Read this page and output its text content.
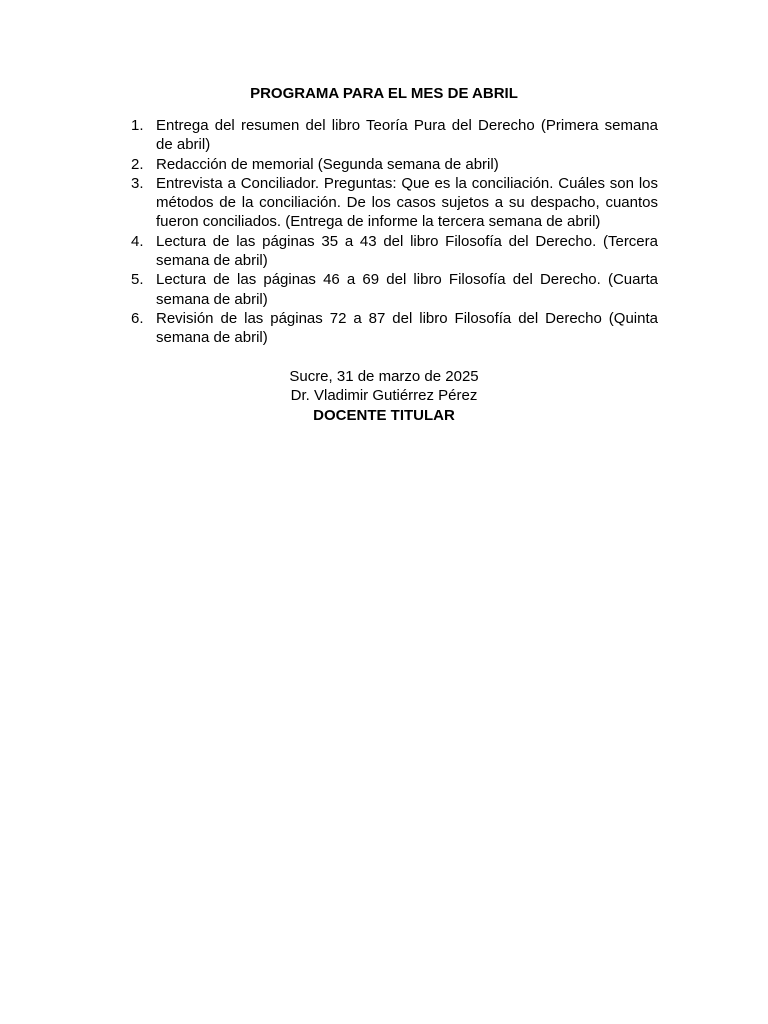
PROGRAMA PARA EL MES DE ABRIL
1. Entrega del resumen del libro Teoría Pura del Derecho (Primera semana de abril)
2. Redacción de memorial (Segunda semana de abril)
3. Entrevista a Conciliador. Preguntas: Que es la conciliación. Cuáles son los métodos de la conciliación. De los casos sujetos a su despacho, cuantos fueron conciliados. (Entrega de informe la tercera semana de abril)
4. Lectura de las páginas 35 a 43 del libro Filosofía del Derecho. (Tercera semana de abril)
5. Lectura de las páginas 46 a 69 del libro Filosofía del Derecho. (Cuarta semana de abril)
6. Revisión de las páginas 72 a 87 del libro Filosofía del Derecho (Quinta semana de abril)
Sucre, 31 de marzo de 2025
Dr. Vladimir Gutiérrez Pérez
DOCENTE TITULAR
